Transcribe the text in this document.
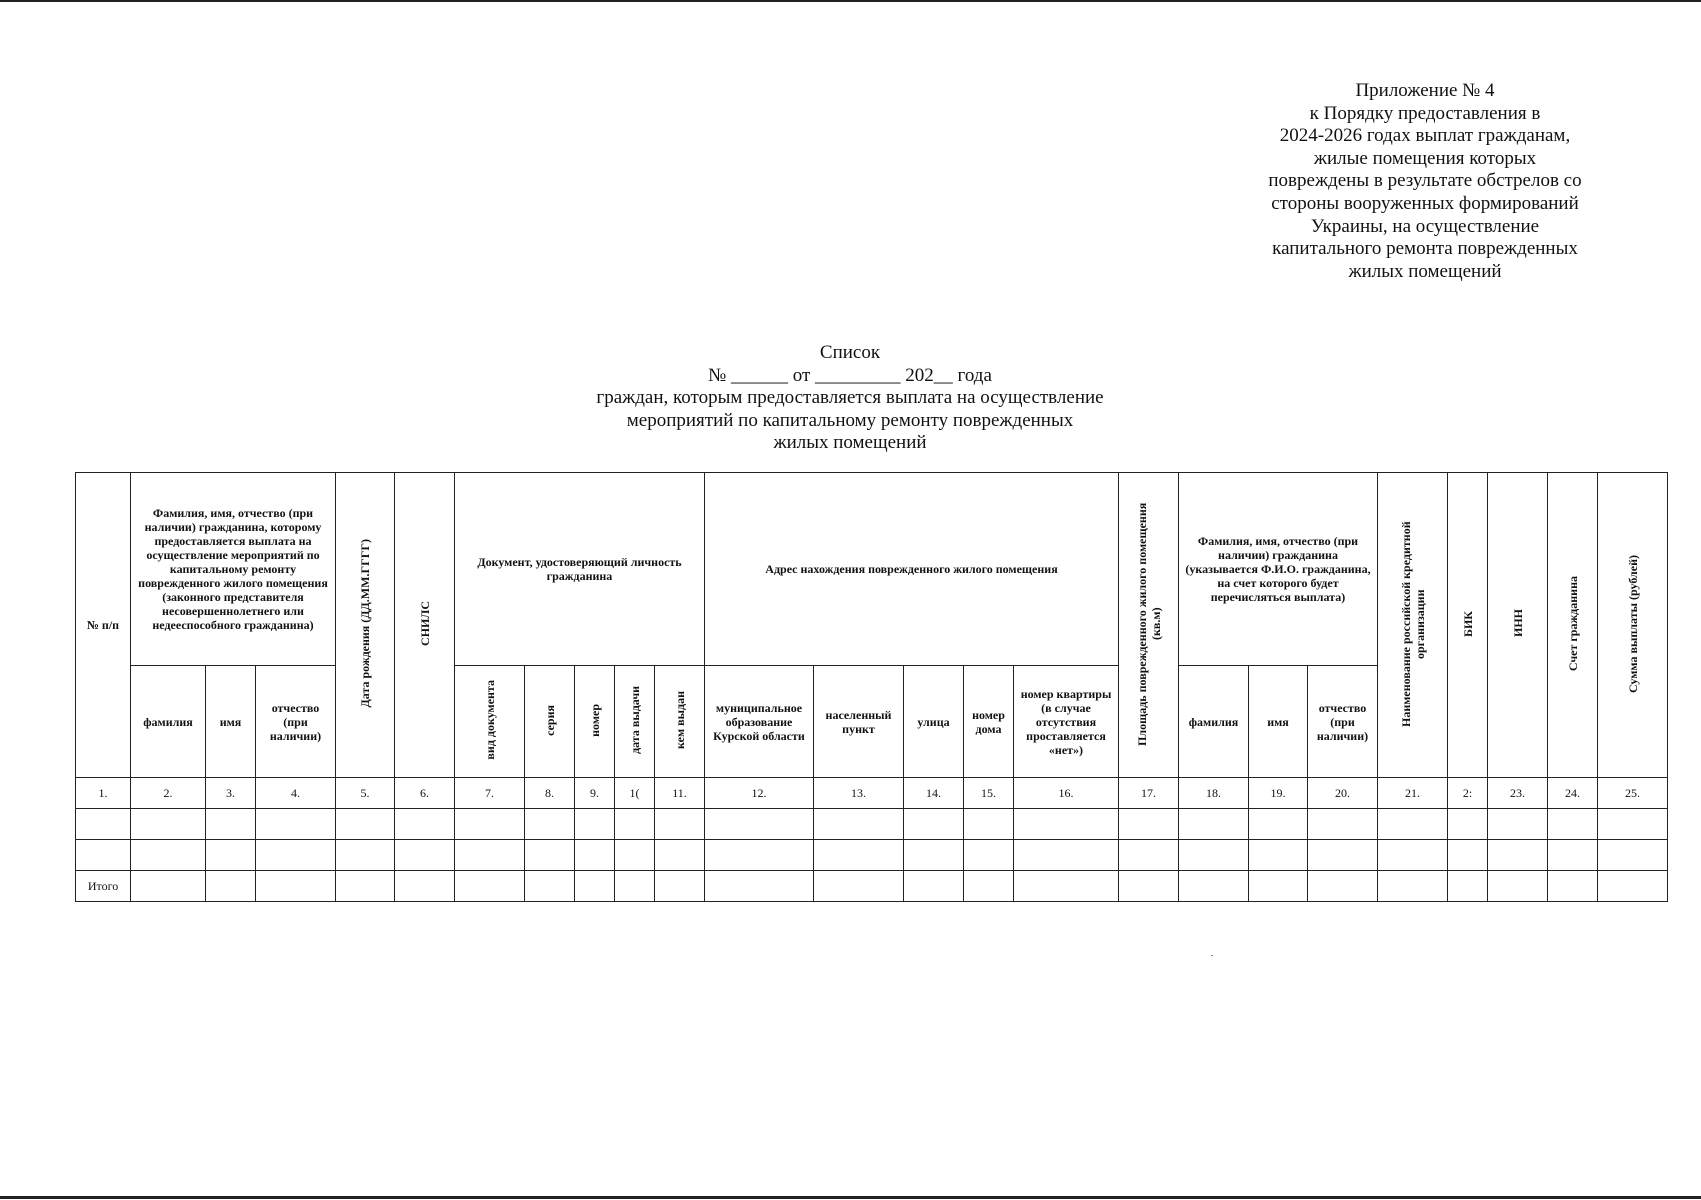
Приложение № 4
к Порядку предоставления в
2024-2026 годах выплат гражданам,
жилые помещения которых
повреждены в результате обстрелов со
стороны вооруженных формирований
Украины, на осуществление
капитального ремонта поврежденных
жилых помещений
Список
№ ______ от _________ 202__ года
граждан, которым предоставляется выплата на осуществление
мероприятий по капитальному ремонту поврежденных
жилых помещений
№ п/п	Фамилия, имя, отчество (при наличии) гражданина, которому предоставляется выплата на осуществление мероприятий по капитальному ремонту поврежденного жилого помещения (законного представителя несовершеннолетнего или недееспособного гражданина)			Дата рождения (ДД.ММ.ГГГГ)	СНИЛС	Документ, удостоверяющий личность гражданина					Адрес нахождения поврежденного жилого помещения					Площадь поврежденного жилого помещения (кв.м)	Фамилия, имя, отчество (при наличии) гражданина (указывается Ф.И.О. гражданина, на счет которого будет перечисляться выплата)			Наименование российской кредитной организации	БИК	ИНН	Счет гражданина	Сумма выплаты (рублей)
	фамилия	имя	отчество (при наличии)			вид документа	серия	номер	дата выдачи	кем выдан	муниципальное образование Курской области	населенный пункт	улица	номер дома	номер квартиры (в случае отсутствия проставляется «нет»)		фамилия	имя	отчество (при наличии)					
1.	2.	3.	4.	5.	6.	7.	8.	9.	1(	11.	12.	13.	14.	15.	16.	17.	18.	19.	20.	21.	2:	23.	24.	25.

Итого																								
